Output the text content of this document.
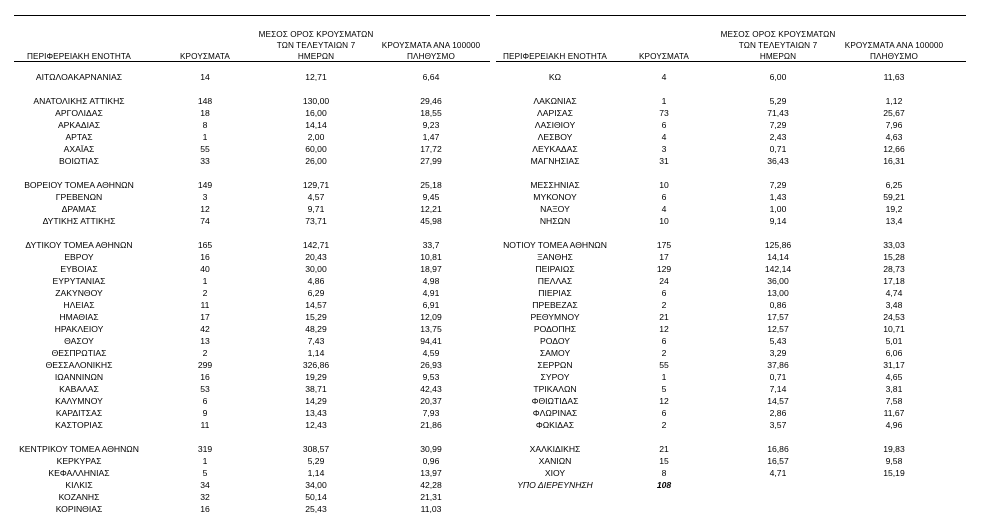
ΠΕΡΙΦΕΡΕΙΑΚΗ ΕΝΟΤΗΤΑ	ΚΡΟΥΣΜΑΤΑ
ΜΕΣΟΣ ΟΡΟΣ ΚΡΟΥΣΜΑΤΩΝ
ΤΩΝ ΤΕΛΕΥΤΑΙΩΝ 7
ΗΜΕΡΩΝ
ΚΡΟΥΣΜΑΤΑ ΑΝΑ 100000
ΠΛΗΘΥΣΜΟ	ΠΕΡΙΦΕΡΕΙΑΚΗ ΕΝΟΤΗΤΑ	ΚΡΟΥΣΜΑΤΑ
ΜΕΣΟΣ ΟΡΟΣ ΚΡΟΥΣΜΑΤΩΝ
ΤΩΝ ΤΕΛΕΥΤΑΙΩΝ 7
ΗΜΕΡΩΝ
ΚΡΟΥΣΜΑΤΑ ΑΝΑ 100000
ΠΛΗΘΥΣΜΟ
ΑΙΤΩΛΟΑΚΑΡΝΑΝΙΑΣ	14	12,71	6,64
ΑΝΑΤΟΛΙΚΗΣ ΑΤΤΙΚΗΣ	148	130,00	29,46
ΑΡΓΟΛΙΔΑΣ	18	16,00	18,55
ΑΡΚΑΔΙΑΣ	8	14,14	9,23
ΑΡΤΑΣ	1	2,00	1,47
ΑΧΑΪΑΣ	55	60,00	17,72
ΒΟΙΩΤΙΑΣ	33	26,00	27,99
ΒΟΡΕΙΟΥ ΤΟΜΕΑ ΑΘΗΝΩΝ	149	129,71	25,18
ΓΡΕΒΕΝΩΝ	3	4,57	9,45
ΔΡΑΜΑΣ	12	9,71	12,21
ΔΥΤΙΚΗΣ ΑΤΤΙΚΗΣ	74	73,71	45,98
ΔΥΤΙΚΟΥ ΤΟΜΕΑ ΑΘΗΝΩΝ	165	142,71	33,7
ΕΒΡΟΥ	16	20,43	10,81
ΕΥΒΟΙΑΣ	40	30,00	18,97
ΕΥΡΥΤΑΝΙΑΣ	1	4,86	4,98
ΖΑΚΥΝΘΟΥ	2	6,29	4,91
ΗΛΕΙΑΣ	11	14,57	6,91
ΗΜΑΘΙΑΣ	17	15,29	12,09
ΗΡΑΚΛΕΙΟΥ	42	48,29	13,75
ΘΑΣΟΥ	13	7,43	94,41
ΘΕΣΠΡΩΤΙΑΣ	2	1,14	4,59
ΘΕΣΣΑΛΟΝΙΚΗΣ	299	326,86	26,93
ΙΩΑΝΝΙΝΩΝ	16	19,29	9,53
ΚΑΒΑΛΑΣ	53	38,71	42,43
ΚΑΛΥΜΝΟΥ	6	14,29	20,37
ΚΑΡΔΙΤΣΑΣ	9	13,43	7,93
ΚΑΣΤΟΡΙΑΣ	11	12,43	21,86
ΚΕΝΤΡΙΚΟΥ ΤΟΜΕΑ ΑΘΗΝΩΝ	319	308,57	30,99
ΚΕΡΚΥΡΑΣ	1	5,29	0,96
ΚΕΦΑΛΛΗΝΙΑΣ	5	1,14	13,97
ΚΙΛΚΙΣ	34	34,00	42,28
ΚΟΖΑΝΗΣ	32	50,14	21,31
ΚΟΡΙΝΘΙΑΣ	16	25,43	11,03
ΚΩ	4	6,00	11,63
ΛΑΚΩΝΙΑΣ	1	5,29	1,12
ΛΑΡΙΣΑΣ	73	71,43	25,67
ΛΑΣΙΘΙΟΥ	6	7,29	7,96
ΛΕΣΒΟΥ	4	2,43	4,63
ΛΕΥΚΑΔΑΣ	3	0,71	12,66
ΜΑΓΝΗΣΙΑΣ	31	36,43	16,31
ΜΕΣΣΗΝΙΑΣ	10	7,29	6,25
ΜΥΚΟΝΟΥ	6	1,43	59,21
ΝΑΞΟΥ	4	1,00	19,2
ΝΗΣΩΝ	10	9,14	13,4
ΝΟΤΙΟΥ ΤΟΜΕΑ ΑΘΗΝΩΝ	175	125,86	33,03
ΞΑΝΘΗΣ	17	14,14	15,28
ΠΕΙΡΑΙΩΣ	129	142,14	28,73
ΠΕΛΛΑΣ	24	36,00	17,18
ΠΙΕΡΙΑΣ	6	13,00	4,74
ΠΡΕΒΕΖΑΣ	2	0,86	3,48
ΡΕΘΥΜΝΟΥ	21	17,57	24,53
ΡΟΔΟΠΗΣ	12	12,57	10,71
ΡΟΔΟΥ	6	5,43	5,01
ΣΑΜΟΥ	2	3,29	6,06
ΣΕΡΡΩΝ	55	37,86	31,17
ΣΥΡΟΥ	1	0,71	4,65
ΤΡΙΚΑΛΩΝ	5	7,14	3,81
ΦΘΙΩΤΙΔΑΣ	12	14,57	7,58
ΦΛΩΡΙΝΑΣ	6	2,86	11,67
ΦΩΚΙΔΑΣ	2	3,57	4,96
ΧΑΛΚΙΔΙΚΗΣ	21	16,86	19,83
ΧΑΝΙΩΝ	15	16,57	9,58
ΧΙΟΥ	8	4,71	15,19
ΥΠΟ ΔΙΕΡΕΥΝΗΣΗ	108
